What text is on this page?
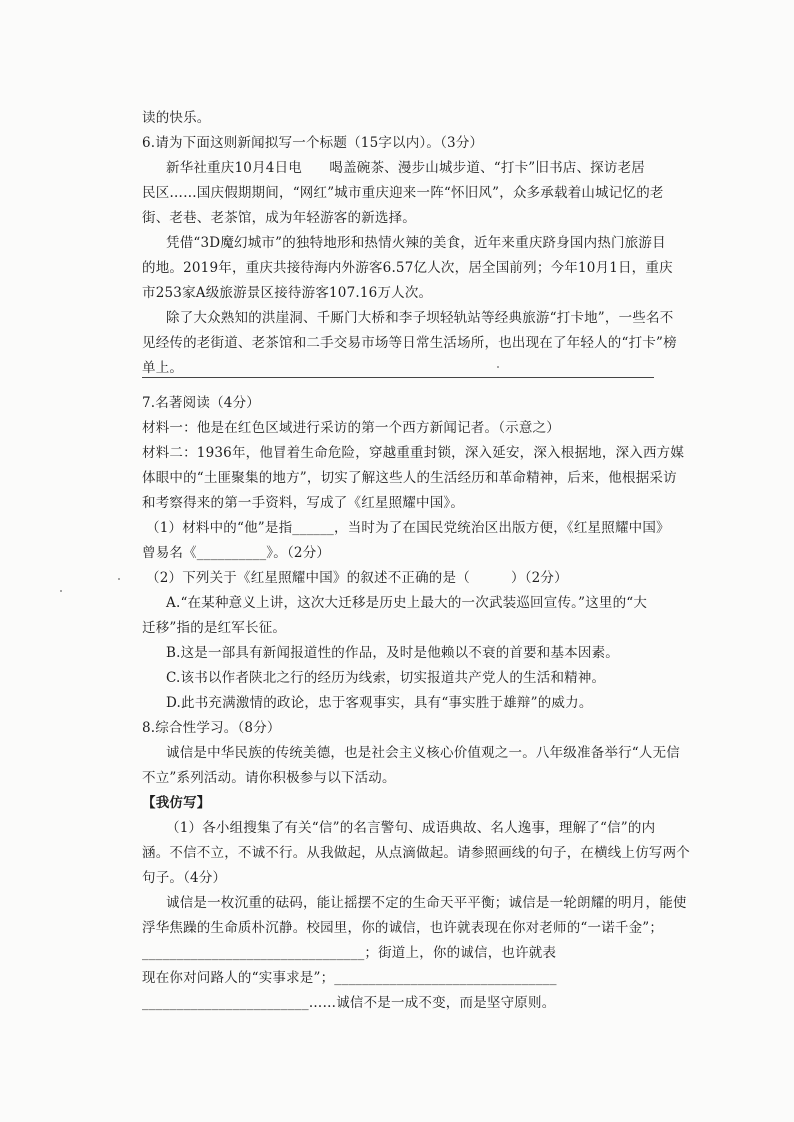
读的快乐。
6.请为下面这则新闻拟写一个标题（15字以内）。（3分）
新华社重庆10月4日电　　喝盖碗茶、漫步山城步道、“打卡”旧书店、探访老居
民区……国庆假期期间，“网红”城市重庆迎来一阵“怀旧风”，众多承载着山城记忆的老
街、老巷、老茶馆，成为年轻游客的新选择。
凭借“3D魔幻城市”的独特地形和热情火辣的美食，近年来重庆跻身国内热门旅游目
的地。2019年，重庆共接待海内外游客6.57亿人次，居全国前列；今年10月1日，重庆
市253家A级旅游景区接待游客107.16万人次。
除了大众熟知的洪崖洞、千厮门大桥和李子坝轻轨站等经典旅游“打卡地”，一些名不
见经传的老街道、老茶馆和二手交易市场等日常生活场所，也出现在了年轻人的“打卡”榜
单上。
7.名著阅读（4分）
材料一：他是在红色区域进行采访的第一个西方新闻记者。（示意之）
材料二：1936年，他冒着生命危险，穿越重重封锁，深入延安，深入根据地，深入西方媒
体眼中的“土匪聚集的地方”，切实了解这些人的生活经历和革命精神，后来，他根据采访
和考察得来的第一手资料，写成了《红星照耀中国》。
（1）材料中的“他”是指______，当时为了在国民党统治区出版方便，《红星照耀中国》
曾易名《__________》。（2分）
（2）下列关于《红星照耀中国》的叙述不正确的是（　　　）（2分）
A.“在某种意义上讲，这次大迁移是历史上最大的一次武装巡回宣传。”这里的“大
迁移”指的是红军长征。
B.这是一部具有新闻报道性的作品，及时是他赖以不衰的首要和基本因素。
C.该书以作者陕北之行的经历为线索，切实报道共产党人的生活和精神。
D.此书充满激情的政论，忠于客观事实，具有“事实胜于雄辩”的威力。
8.综合性学习。（8分）
诚信是中华民族的传统美德，也是社会主义核心价值观之一。八年级准备举行“人无信
不立”系列活动。请你积极参与以下活动。
【我仿写】
（1）各小组搜集了有关“信”的名言警句、成语典故、名人逸事，理解了“信”的内
涵。不信不立，不诚不行。从我做起，从点滴做起。请参照画线的句子，在横线上仿写两个
句子。（4分）
诚信是一枚沉重的砝码，能让摇摆不定的生命天平平衡；诚信是一轮朗耀的明月，能使
浮华焦躁的生命质朴沉静。校园里，你的诚信，也许就表现在你对老师的“一诺千金”；
________________________________；街道上，你的诚信，也许就表
现在你对问路人的“实事求是”；________________________________
________________________……诚信不是一成不变，而是坚守原则。
